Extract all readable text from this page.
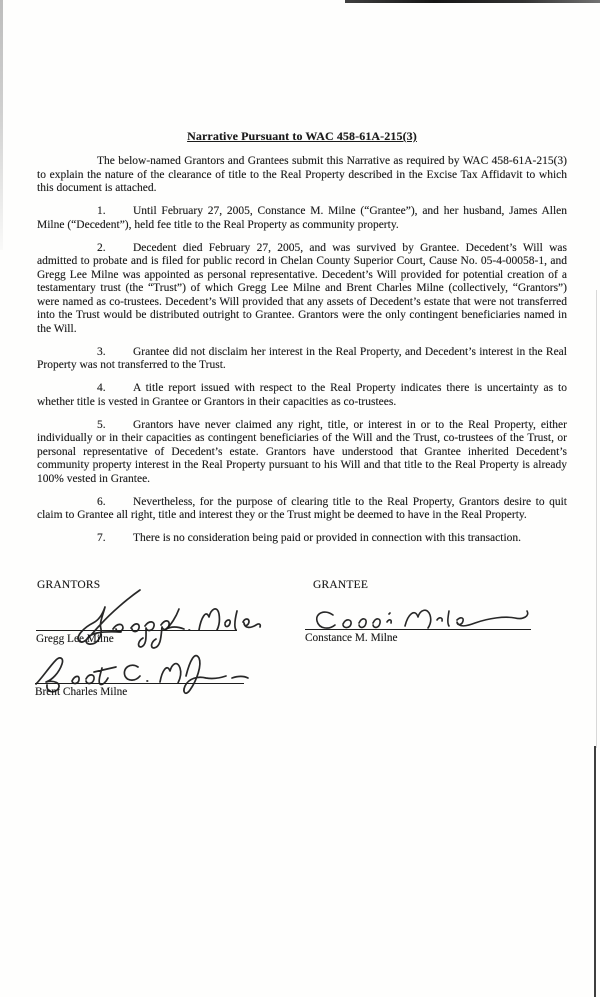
Narrative Pursuant to WAC 458-61A-215(3)

The below-named Grantors and Grantees submit this Narrative as required by WAC 458-61A-215(3) to explain the nature of the clearance of title to the Real Property described in the Excise Tax Affidavit to which this document is attached.

1. Until February 27, 2005, Constance M. Milne (“Grantee”), and her husband, James Allen Milne (“Decedent”), held fee title to the Real Property as community property.

2. Decedent died February 27, 2005, and was survived by Grantee. Decedent’s Will was admitted to probate and is filed for public record in Chelan County Superior Court, Cause No. 05-4-00058-1, and Gregg Lee Milne was appointed as personal representative. Decedent’s Will provided for potential creation of a testamentary trust (the “Trust”) of which Gregg Lee Milne and Brent Charles Milne (collectively, “Grantors”) were named as co-trustees. Decedent’s Will provided that any assets of Decedent’s estate that were not transferred into the Trust would be distributed outright to Grantee. Grantors were the only contingent beneficiaries named in the Will.

3. Grantee did not disclaim her interest in the Real Property, and Decedent’s interest in the Real Property was not transferred to the Trust.

4. A title report issued with respect to the Real Property indicates there is uncertainty as to whether title is vested in Grantee or Grantors in their capacities as co-trustees.

5. Grantors have never claimed any right, title, or interest in or to the Real Property, either individually or in their capacities as contingent beneficiaries of the Will and the Trust, co-trustees of the Trust, or personal representative of Decedent’s estate. Grantors have understood that Grantee inherited Decedent’s community property interest in the Real Property pursuant to his Will and that title to the Real Property is already 100% vested in Grantee.

6. Nevertheless, for the purpose of clearing title to the Real Property, Grantors desire to quit claim to Grantee all right, title and interest they or the Trust might be deemed to have in the Real Property.

7. There is no consideration being paid or provided in connection with this transaction.

GRANTORS	GRANTEE
Gregg Lee Milne
Brent Charles Milne
Constance M. Milne
